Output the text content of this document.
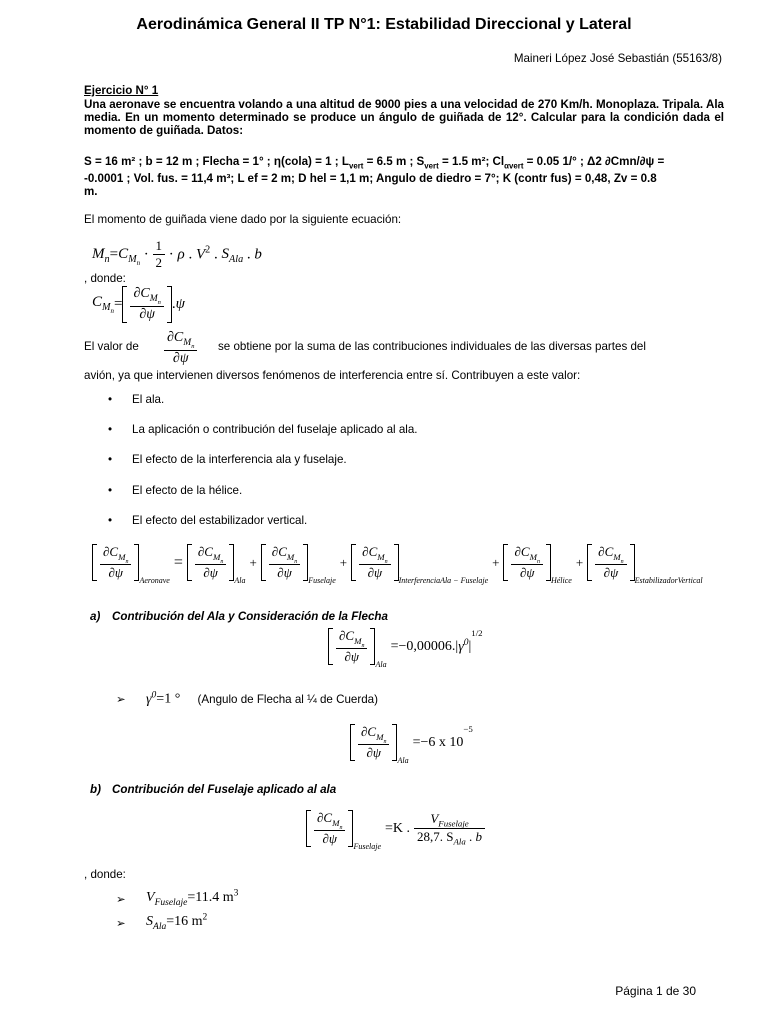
Aerodinámica General II TP N°1: Estabilidad Direccional y Lateral
Maineri López José Sebastián (55163/8)
Ejercicio N° 1
Una aeronave se encuentra volando a una altitud de 9000 pies a una velocidad de 270 Km/h. Monoplaza. Tripala. Ala media. En un momento determinado se produce un ángulo de guiñada de 12°. Calcular para la condición dada el momento de guiñada. Datos:
S = 16 m² ; b = 12 m ; Flecha = 1° ; η(cola) = 1 ; $L_{vert} = 6.5$ m ; $S_{vert} = 1.5$ m²; $Cl_{\alpha vert} = 0.05$ 1/° ; Δ2 ∂Cmn/∂ψ =
-0.0001 ; Vol. fus. = 11,4 m³; L ef = 2 m; D hel = 1,1 m; Angulo de diedro = 7°; K (contr fus) = 0,48, Zv = 0.8
m.
El momento de guiñada viene dado por la siguiente ecuación:
$M_n=C_{M_n} \cdot \frac{1}{2} \cdot \rho$ . $V^2$ . $S_{Ala}$ . b
, donde:
$C_{M_n} = \frac{\partial C_{M_n}}{\partial\psi}$ . ψ
El valor de $\frac{\partial C_{M_n}}{\partial\psi}$ se obtiene por la suma de las contribuciones individuales de las diversas partes del
avión, ya que intervienen diversos fenómenos de interferencia entre sí. Contribuyen a este valor:
• El ala.
• La aplicación o contribución del fuselaje aplicado al ala.
• El efecto de la interferencia ala y fuselaje.
• El efecto de la hélice.
• El efecto del estabilizador vertical.
$\frac{\partial C_{M_n}}{\partial\psi}$ Aeronave
= $\frac{\partial C_{M_n}}{\partial\psi}$ Ala
+ $\frac{\partial C_{M_n}}{\partial\psi}$ Fuselaje
+ $\frac{\partial C_{M_n}}{\partial\psi}$ InterferenciaAla − Fuselaje
+ $\frac{\partial C_{M_n}}{\partial\psi}$ Hélice
+ $\frac{\partial C_{M_n}}{\partial\psi}$ EstabilizadorVertical
a) Contribución del Ala y Consideración de la Flecha
$\frac{\partial C_{M_n}}{\partial\psi}$ Ala
=−0,00006. | $\gamma^0$ |
1/2
➢ $\gamma^0=1$ ° (Angulo de Flecha al ¼ de Cuerda)
$\frac{\partial C_{M_n}}{\partial\psi}$ Ala
=−6 x 10
−5
b) Contribución del Fuselaje aplicado al ala
$\frac{\partial C_{M_n}}{\partial\psi}$ Fuselaje
=K . $\frac{V_{Fuselaje}}{28,7. S_{Ala} . b}$
, donde:
➢ $V_{Fuselaje}=11.4$ $m^3$
➢ $S_{Ala}=16$ $m^2$
Página 1 de 30
